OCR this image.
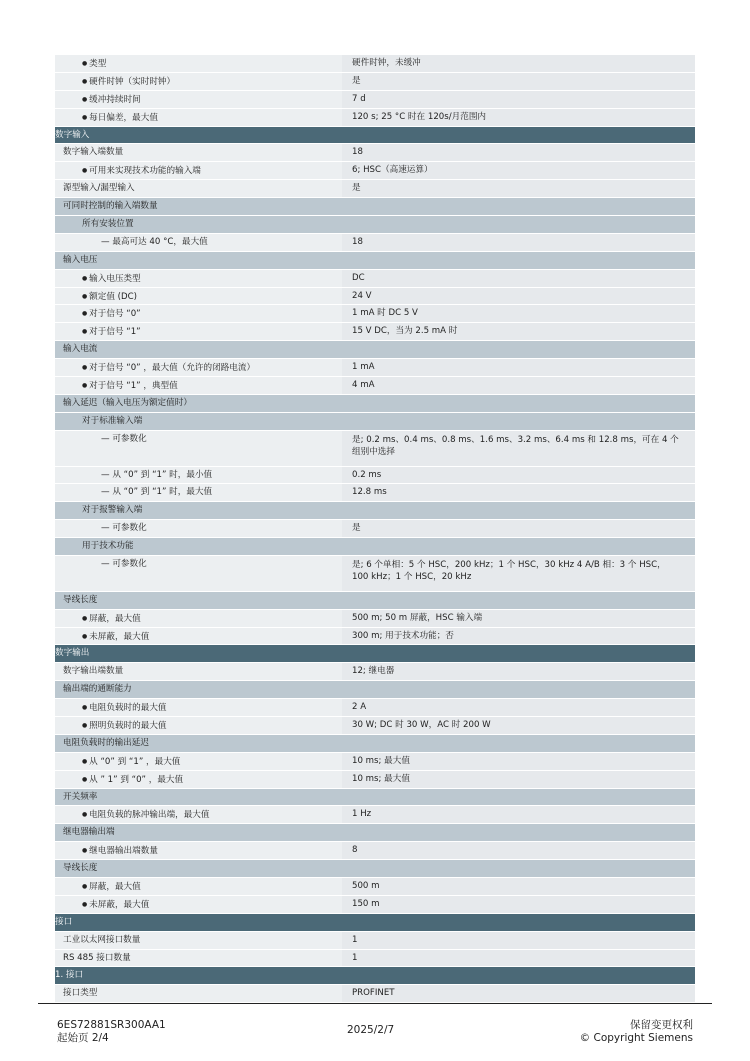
● 类型	硬件时钟，未缓冲
● 硬件时钟（实时时钟）	是
● 缓冲持续时间	7 d
● 每日偏差，最大值	120 s; 25 °C 时在 120s/月范围内
数字输入
数字输入端数量	18
● 可用来实现技术功能的输入端	6; HSC（高速运算）
源型输入/漏型输入	是
可同时控制的输入端数量
所有安装位置
— 最高可达 40 °C，最大值	18
输入电压
● 输入电压类型	DC
● 额定值 (DC)	24 V
● 对于信号 “0”	1 mA 时 DC 5 V
● 对于信号 “1”	15 V DC，当为 2.5 mA 时
输入电流
● 对于信号 “0” ，最大值（允许的闭路电流）	1 mA
● 对于信号 “1” ，典型值	4 mA
输入延迟（输入电压为额定值时）
对于标准输入端
— 可参数化	是; 0.2 ms、0.4 ms、0.8 ms、1.6 ms、3.2 ms、6.4 ms 和 12.8 ms，可在 4 个组别中选择
— 从 “0” 到 “1” 时，最小值	0.2 ms
— 从 “0” 到 “1” 时，最大值	12.8 ms
对于报警输入端
— 可参数化	是
用于技术功能
— 可参数化	是; 6 个单相：5 个 HSC，200 kHz；1 个 HSC，30 kHz 4 A/B 相：3 个 HSC，100 kHz；1 个 HSC，20 kHz
导线长度
● 屏蔽，最大值	500 m; 50 m 屏蔽，HSC 输入端
● 未屏蔽，最大值	300 m; 用于技术功能；否
数字输出
数字输出端数量	12; 继电器
输出端的通断能力
● 电阻负载时的最大值	2 A
● 照明负载时的最大值	30 W; DC 时 30 W，AC 时 200 W
电阻负载时的输出延迟
● 从 “0” 到 “1” ，最大值	10 ms; 最大值
● 从 ” 1” 到 “0” ，最大值	10 ms; 最大值
开关频率
● 电阻负载的脉冲输出端，最大值	1 Hz
继电器输出端
● 继电器输出端数量	8
导线长度
● 屏蔽，最大值	500 m
● 未屏蔽，最大值	150 m
接口
工业以太网接口数量	1
RS 485 接口数量	1
1. 接口
接口类型	PROFINET
6ES72881SR300AA1
起始页 2/4
2025/2/7	保留变更权利
© Copyright Siemens
